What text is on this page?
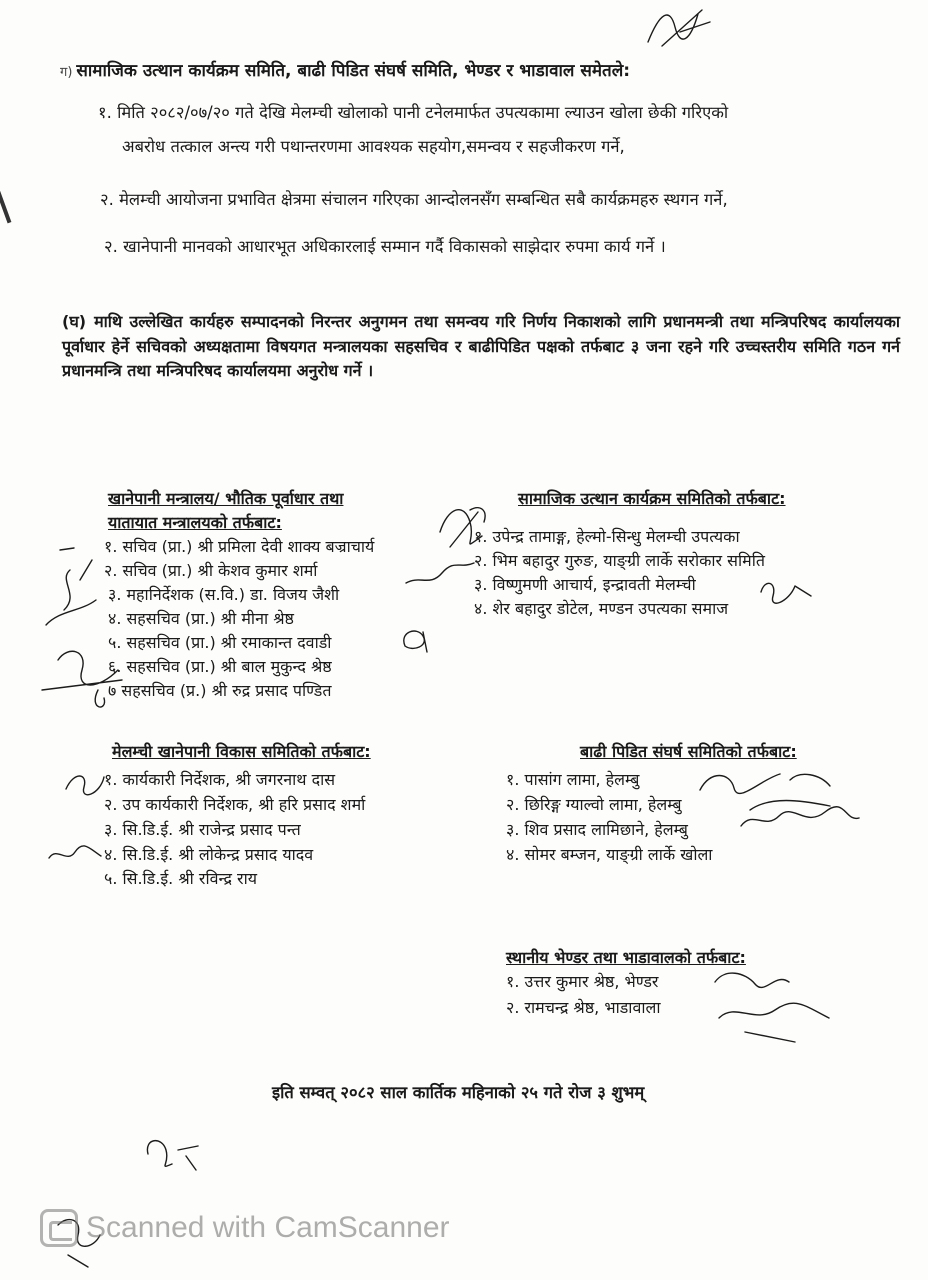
ग) सामाजिक उत्थान कार्यक्रम समिति, बाढी पिडित संघर्ष समिति, भेण्डर र भाडावाल समेतले:
१. मिति २०८२/०७/२० गते देखि मेलम्ची खोलाको पानी टनेलमार्फत उपत्यकामा ल्याउन खोला छेकी गरिएको
अबरोध तत्काल अन्त्य गरी पथान्तरणमा आवश्यक सहयोग,समन्वय र सहजीकरण गर्ने,
२. मेलम्ची आयोजना प्रभावित क्षेत्रमा संचालन गरिएका आन्दोलनसँग सम्बन्धित सबै कार्यक्रमहरु स्थगन गर्ने,
२. खानेपानी मानवको आधारभूत अधिकारलाई सम्मान गर्दै विकासको साझेदार रुपमा कार्य गर्ने ।
(घ) माथि उल्लेखित कार्यहरु सम्पादनको निरन्तर अनुगमन तथा समन्वय गरि निर्णय निकाशको लागि प्रधानमन्त्री तथा मन्त्रिपरिषद कार्यालयका पूर्वाधार हेर्ने सचिवको अध्यक्षतामा विषयगत मन्त्रालयका सहसचिव र बाढीपिडित पक्षको तर्फबाट ३ जना रहने गरि उच्चस्तरीय समिति गठन गर्न प्रधानमन्त्रि तथा मन्त्रिपरिषद कार्यालयमा अनुरोध गर्ने ।
खानेपानी मन्त्रालय/ भौतिक पूर्वाधार तथा
यातायात मन्त्रालयको तर्फबाट:
१. सचिव (प्रा.) श्री प्रमिला देवी शाक्य बज्राचार्य
२. सचिव (प्रा.) श्री केशव कुमार शर्मा
३. महानिर्देशक (स.वि.) डा. विजय जैशी
४. सहसचिव (प्रा.) श्री मीना श्रेष्ठ
५. सहसचिव (प्रा.) श्री रमाकान्त दवाडी
६. सहसचिव (प्रा.) श्री बाल मुकुन्द श्रेष्ठ
७ सहसचिव (प्र.) श्री रुद्र प्रसाद पण्डित
सामाजिक उत्थान कार्यक्रम समितिको तर्फबाट:
१. उपेन्द्र तामाङ्ग, हेल्मो-सिन्धु मेलम्ची उपत्यका
२. भिम बहादुर गुरुङ, याङ्ग्री लार्के सरोकार समिति
३. विष्णुमणी आचार्य, इन्द्रावती मेलम्ची
४. शेर बहादुर डोटेल, मण्डन उपत्यका समाज
मेलम्ची खानेपानी विकास समितिको तर्फबाट:
१. कार्यकारी निर्देशक, श्री जगरनाथ दास
२. उप कार्यकारी निर्देशक, श्री हरि प्रसाद शर्मा
३. सि.डि.ई. श्री राजेन्द्र प्रसाद पन्त
४. सि.डि.ई. श्री लोकेन्द्र प्रसाद यादव
५. सि.डि.ई. श्री रविन्द्र राय
बाढी पिडित संघर्ष समितिको तर्फबाट:
१. पासांग लामा, हेलम्बु
२. छिरिङ्ग ग्याल्वो लामा, हेलम्बु
३. शिव प्रसाद लामिछाने, हेलम्बु
४. सोमर बम्जन, याङ्ग्री लार्के खोला
स्थानीय भेण्डर तथा भाडावालको तर्फबाट:
१. उत्तर कुमार श्रेष्ठ, भेण्डर
२. रामचन्द्र श्रेष्ठ, भाडावाला
इति सम्वत् २०८२ साल कार्तिक महिनाको २५ गते रोज ३ शुभम्
Scanned with CamScanner
